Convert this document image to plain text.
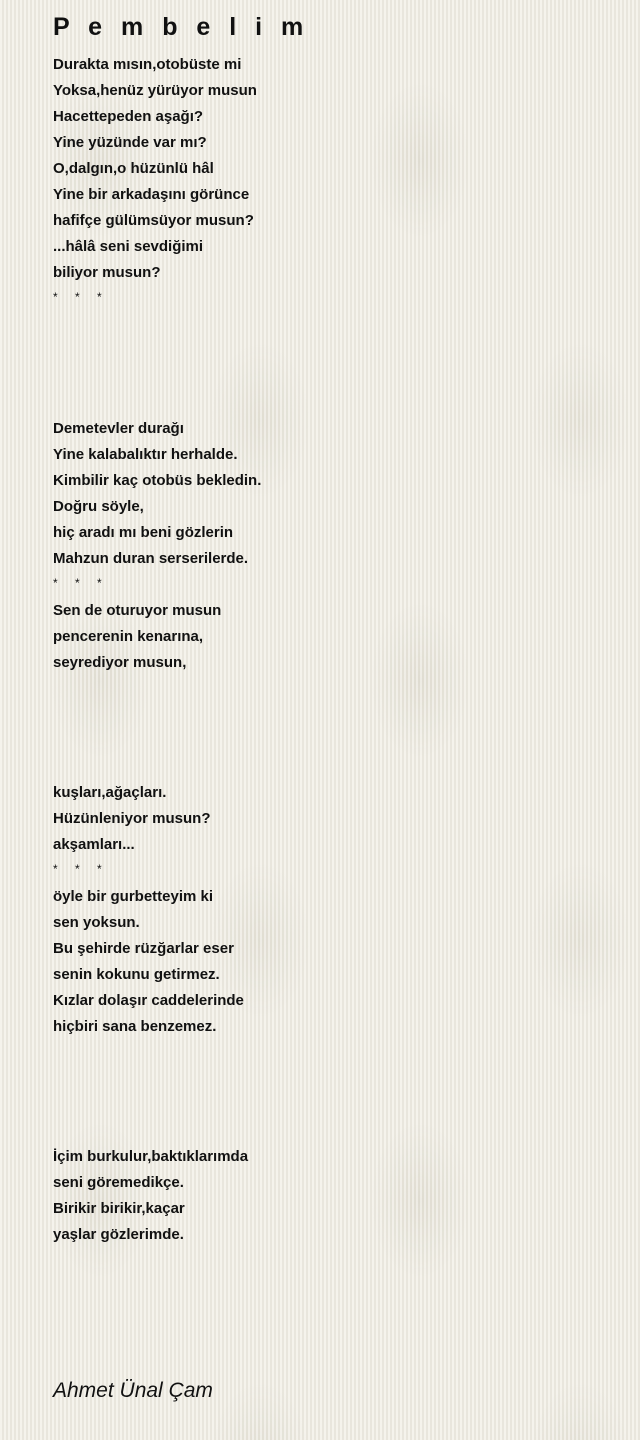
P e m b e l i m
Durakta mısın,otobüste mi
Yoksa,henüz yürüyor musun
Hacettepeden aşağı?
Yine yüzünde var mı?
O,dalgın,o hüzünlü hâl
Yine bir arkadaşını görünce
hafifçe gülümsüyor musun?
...hâlâ seni sevdiğimi
biliyor musun?
* * *
Demetevler durağı
Yine kalabalıktır herhalde.
Kimbilir kaç otobüs bekledin.
Doğru söyle,
hiç aradı mı beni gözlerin
Mahzun duran serserilerde.
* * *
Sen de oturuyor musun
pencerenin kenarına,
seyrediyor musun,
kuşları,ağaçları.
Hüzünleniyor musun?
akşamları...
* * *
öyle bir gurbetteyim ki
sen yoksun.
Bu şehirde rüzğarlar eser
senin kokunu getirmez.
Kızlar dolaşır caddelerinde
hiçbiri sana benzemez.
İçim burkulur,baktıklarımda
seni göremedikçe.
Birikir birikir,kaçar
yaşlar gözlerimde.
Ahmet Ünal Çam
